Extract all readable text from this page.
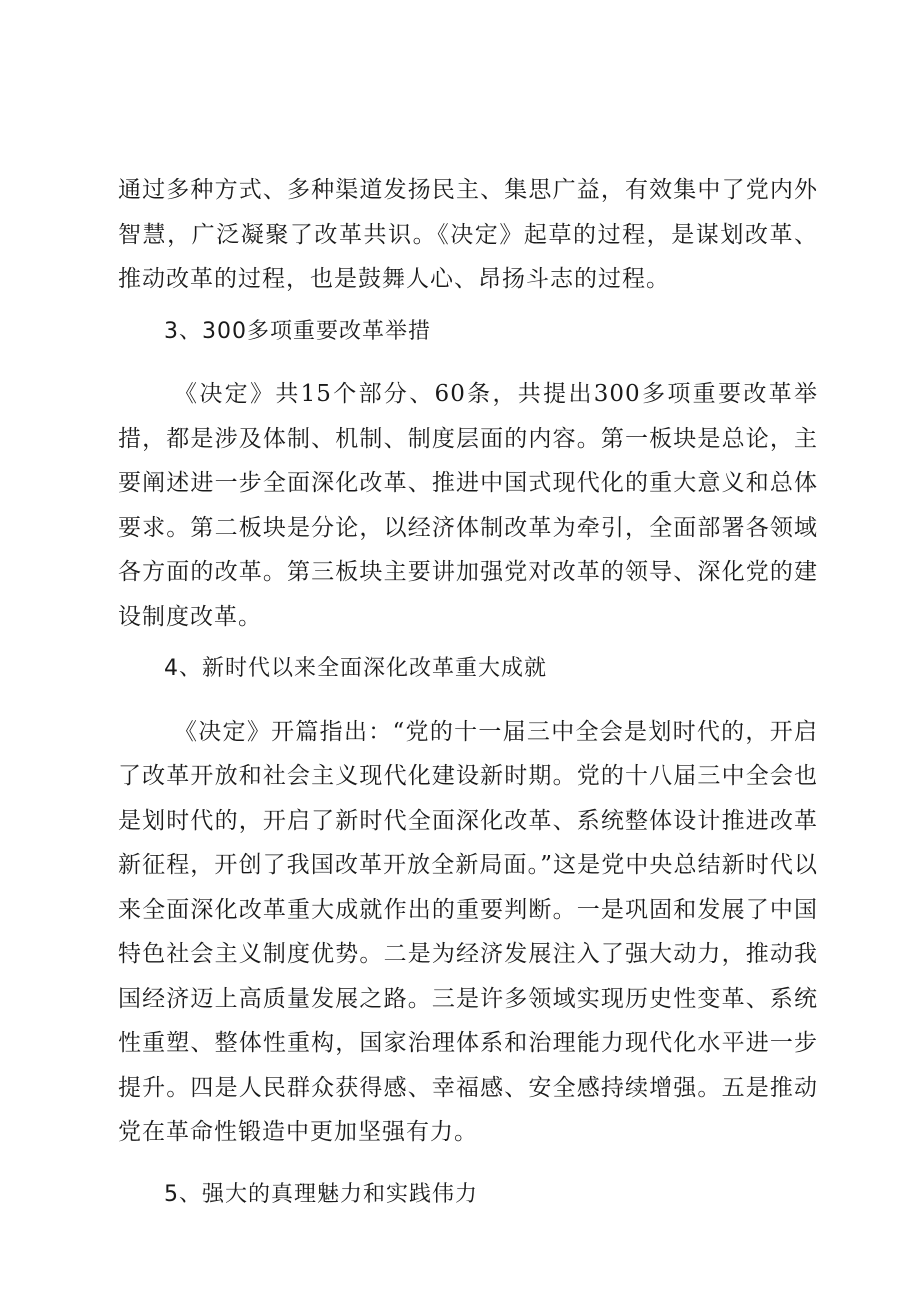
通过多种方式、多种渠道发扬民主、集思广益，有效集中了党内外智慧，广泛凝聚了改革共识。《决定》起草的过程，是谋划改革、推动改革的过程，也是鼓舞人心、昂扬斗志的过程。

3、300多项重要改革举措

《决定》共15个部分、60条，共提出300多项重要改革举措，都是涉及体制、机制、制度层面的内容。第一板块是总论，主要阐述进一步全面深化改革、推进中国式现代化的重大意义和总体要求。第二板块是分论，以经济体制改革为牵引，全面部署各领域各方面的改革。第三板块主要讲加强党对改革的领导、深化党的建设制度改革。

4、新时代以来全面深化改革重大成就

《决定》开篇指出：“党的十一届三中全会是划时代的，开启了改革开放和社会主义现代化建设新时期。党的十八届三中全会也是划时代的，开启了新时代全面深化改革、系统整体设计推进改革新征程，开创了我国改革开放全新局面。”这是党中央总结新时代以来全面深化改革重大成就作出的重要判断。一是巩固和发展了中国特色社会主义制度优势。二是为经济发展注入了强大动力，推动我国经济迈上高质量发展之路。三是许多领域实现历史性变革、系统性重塑、整体性重构，国家治理体系和治理能力现代化水平进一步提升。四是人民群众获得感、幸福感、安全感持续增强。五是推动党在革命性锻造中更加坚强有力。

5、强大的真理魅力和实践伟力
